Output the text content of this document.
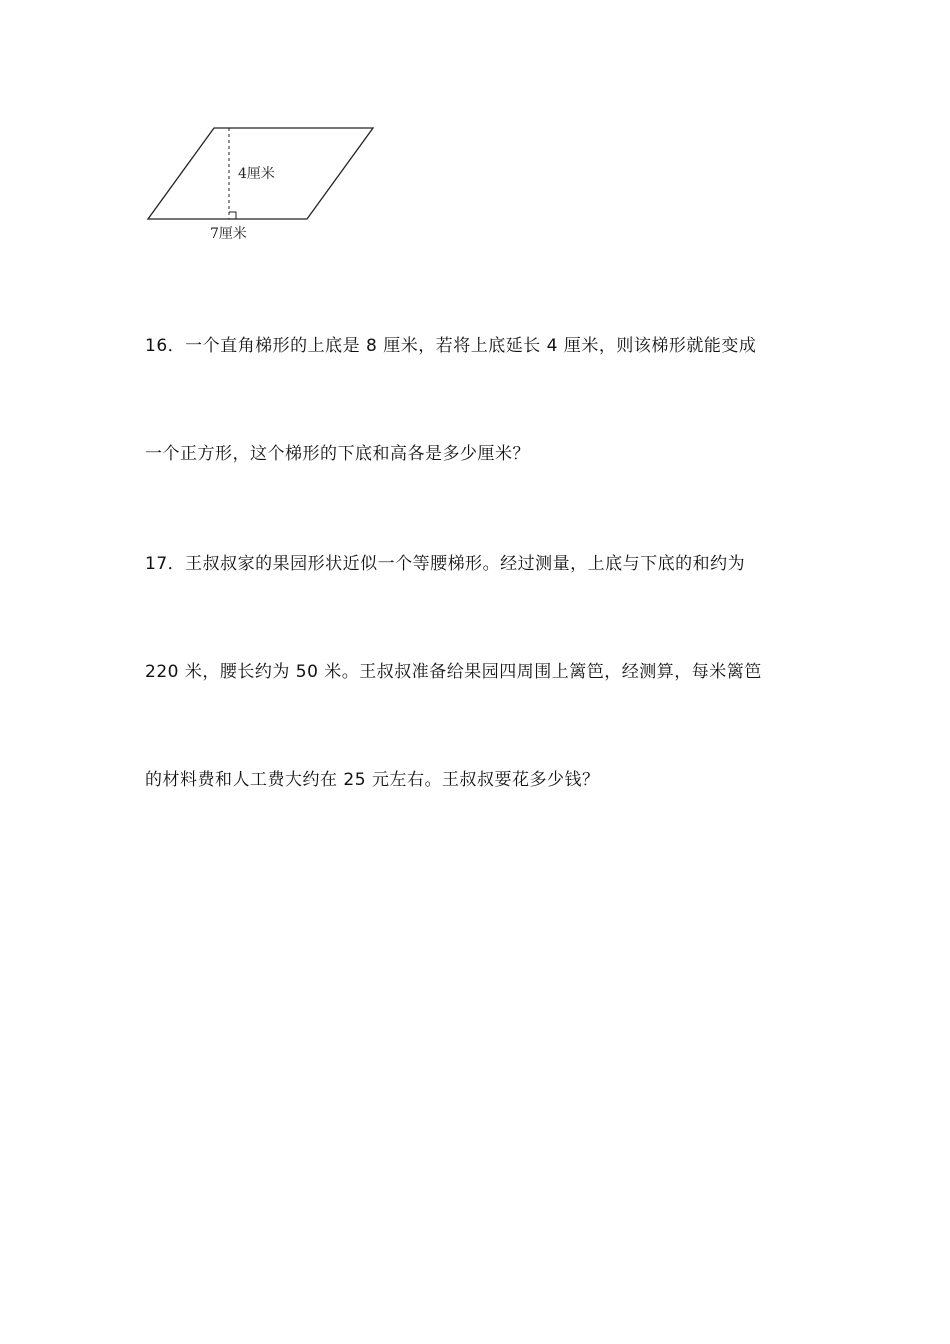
4厘米
7厘米

16．一个直角梯形的上底是 8 厘米，若将上底延长 4 厘米，则该梯形就能变成

一个正方形，这个梯形的下底和高各是多少厘米？

17．王叔叔家的果园形状近似一个等腰梯形。经过测量，上底与下底的和约为

220 米，腰长约为 50 米。王叔叔准备给果园四周围上篱笆，经测算，每米篱笆

的材料费和人工费大约在 25 元左右。王叔叔要花多少钱？
